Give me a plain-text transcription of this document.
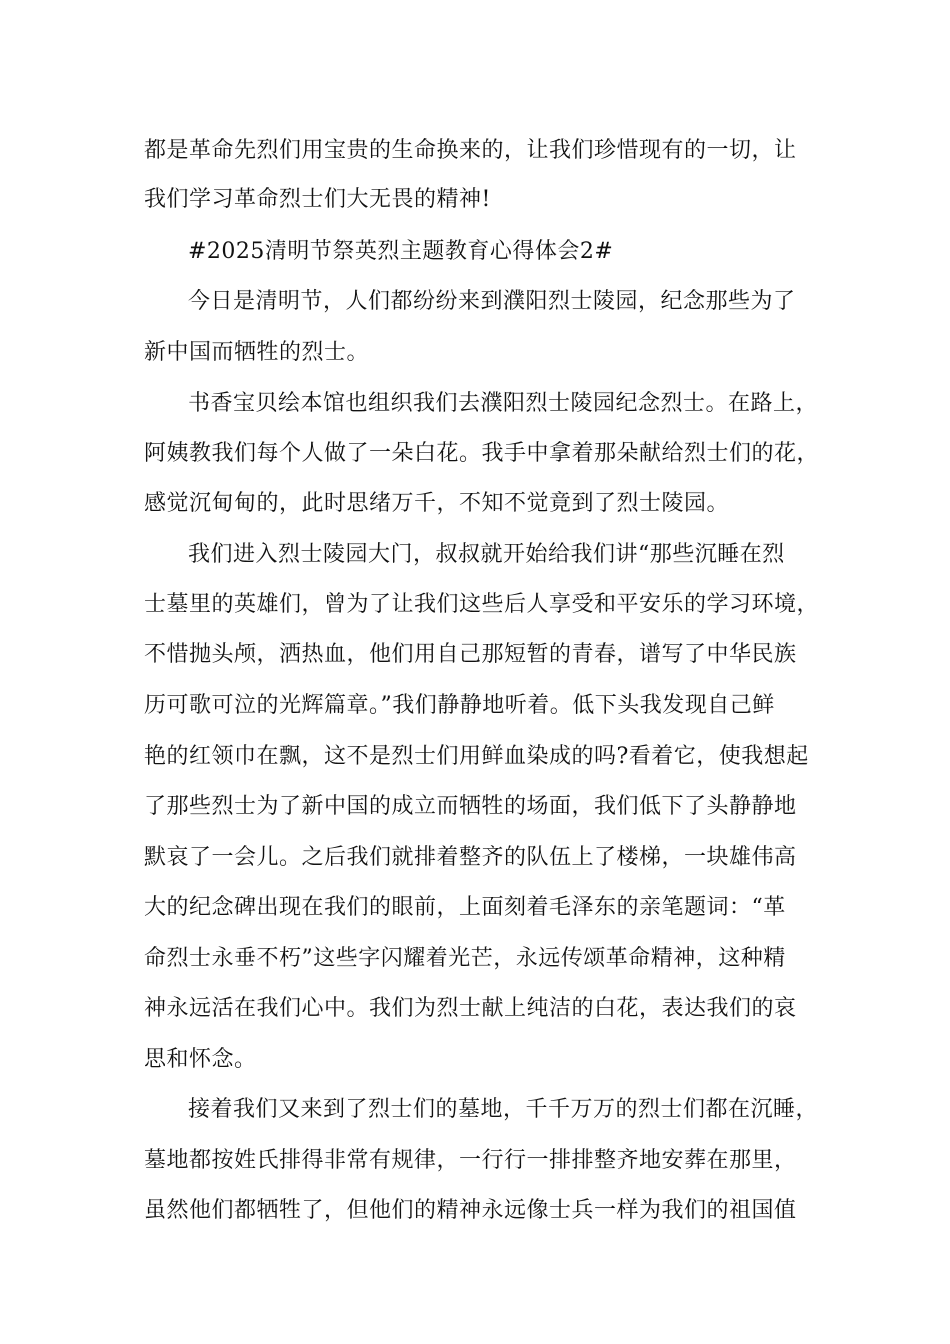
都是革命先烈们用宝贵的生命换来的，让我们珍惜现有的一切，让
我们学习革命烈士们大无畏的精神!
#2025清明节祭英烈主题教育心得体会2#
今日是清明节，人们都纷纷来到濮阳烈士陵园，纪念那些为了
新中国而牺牲的烈士。
书香宝贝绘本馆也组织我们去濮阳烈士陵园纪念烈士。在路上，
阿姨教我们每个人做了一朵白花。我手中拿着那朵献给烈士们的花，
感觉沉甸甸的，此时思绪万千，不知不觉竟到了烈士陵园。
我们进入烈士陵园大门，叔叔就开始给我们讲“那些沉睡在烈
士墓里的英雄们，曾为了让我们这些后人享受和平安乐的学习环境，
不惜抛头颅，洒热血，他们用自己那短暂的青春，谱写了中华民族
历可歌可泣的光辉篇章。”我们静静地听着。低下头我发现自己鲜
艳的红领巾在飘，这不是烈士们用鲜血染成的吗?看着它，使我想起
了那些烈士为了新中国的成立而牺牲的场面，我们低下了头静静地
默哀了一会儿。之后我们就排着整齐的队伍上了楼梯，一块雄伟高
大的纪念碑出现在我们的眼前，上面刻着毛泽东的亲笔题词：“革
命烈士永垂不朽”这些字闪耀着光芒，永远传颂革命精神，这种精
神永远活在我们心中。我们为烈士献上纯洁的白花，表达我们的哀
思和怀念。
接着我们又来到了烈士们的墓地，千千万万的烈士们都在沉睡，
墓地都按姓氏排得非常有规律，一行行一排排整齐地安葬在那里，
虽然他们都牺牲了，但他们的精神永远像士兵一样为我们的祖国值
